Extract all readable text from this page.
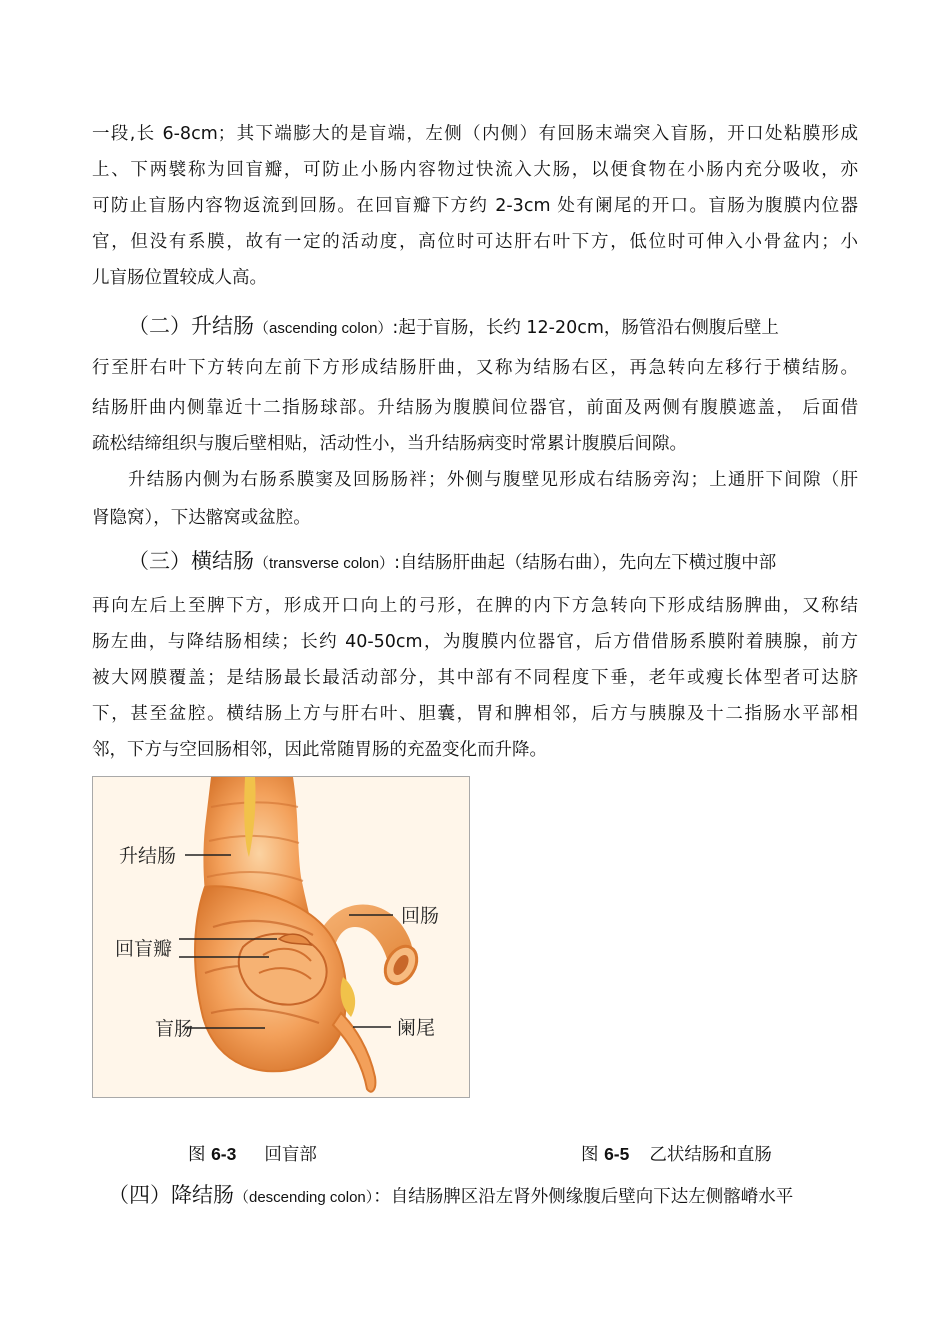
一段,长 6-8cm；其下端膨大的是盲端，左侧（内侧）有回肠末端突入盲肠，开口处粘膜形成
上、下两襞称为回盲瓣，可防止小肠内容物过快流入大肠，以便食物在小肠内充分吸收，亦
可防止盲肠内容物返流到回肠。在回盲瓣下方约 2-3cm 处有阑尾的开口。盲肠为腹膜内位器
官，但没有系膜，故有一定的活动度，高位时可达肝右叶下方，低位时可伸入小骨盆内；小
儿盲肠位置较成人高。
（二）升结肠（ascending colon）:起于盲肠，长约 12-20cm，肠管沿右侧腹后壁上
行至肝右叶下方转向左前下方形成结肠肝曲，又称为结肠右区，再急转向左移行于横结肠。
结肠肝曲内侧靠近十二指肠球部。升结肠为腹膜间位器官，前面及两侧有腹膜遮盖， 后面借
疏松结缔组织与腹后壁相贴，活动性小，当升结肠病变时常累计腹膜后间隙。
升结肠内侧为右肠系膜窦及回肠肠袢；外侧与腹壁见形成右结肠旁沟；上通肝下间隙（肝
肾隐窝），下达髂窝或盆腔。
（三）横结肠（transverse colon）:自结肠肝曲起（结肠右曲），先向左下横过腹中部
再向左后上至脾下方，形成开口向上的弓形，在脾的内下方急转向下形成结肠脾曲，又称结
肠左曲，与降结肠相续；长约 40-50cm，为腹膜内位器官，后方借借肠系膜附着胰腺，前方
被大网膜覆盖；是结肠最长最活动部分，其中部有不同程度下垂，老年或瘦长体型者可达脐
下，甚至盆腔。横结肠上方与肝右叶、胆囊，胃和脾相邻，后方与胰腺及十二指肠水平部相
邻，下方与空回肠相邻，因此常随胃肠的充盈变化而升降。
升结肠
回盲瓣
盲肠
回肠
阑尾
图 6-3 回盲部	图 6-5 乙状结肠和直肠
（四）降结肠（descending colon）：自结肠脾区沿左肾外侧缘腹后壁向下达左侧髂嵴水平
